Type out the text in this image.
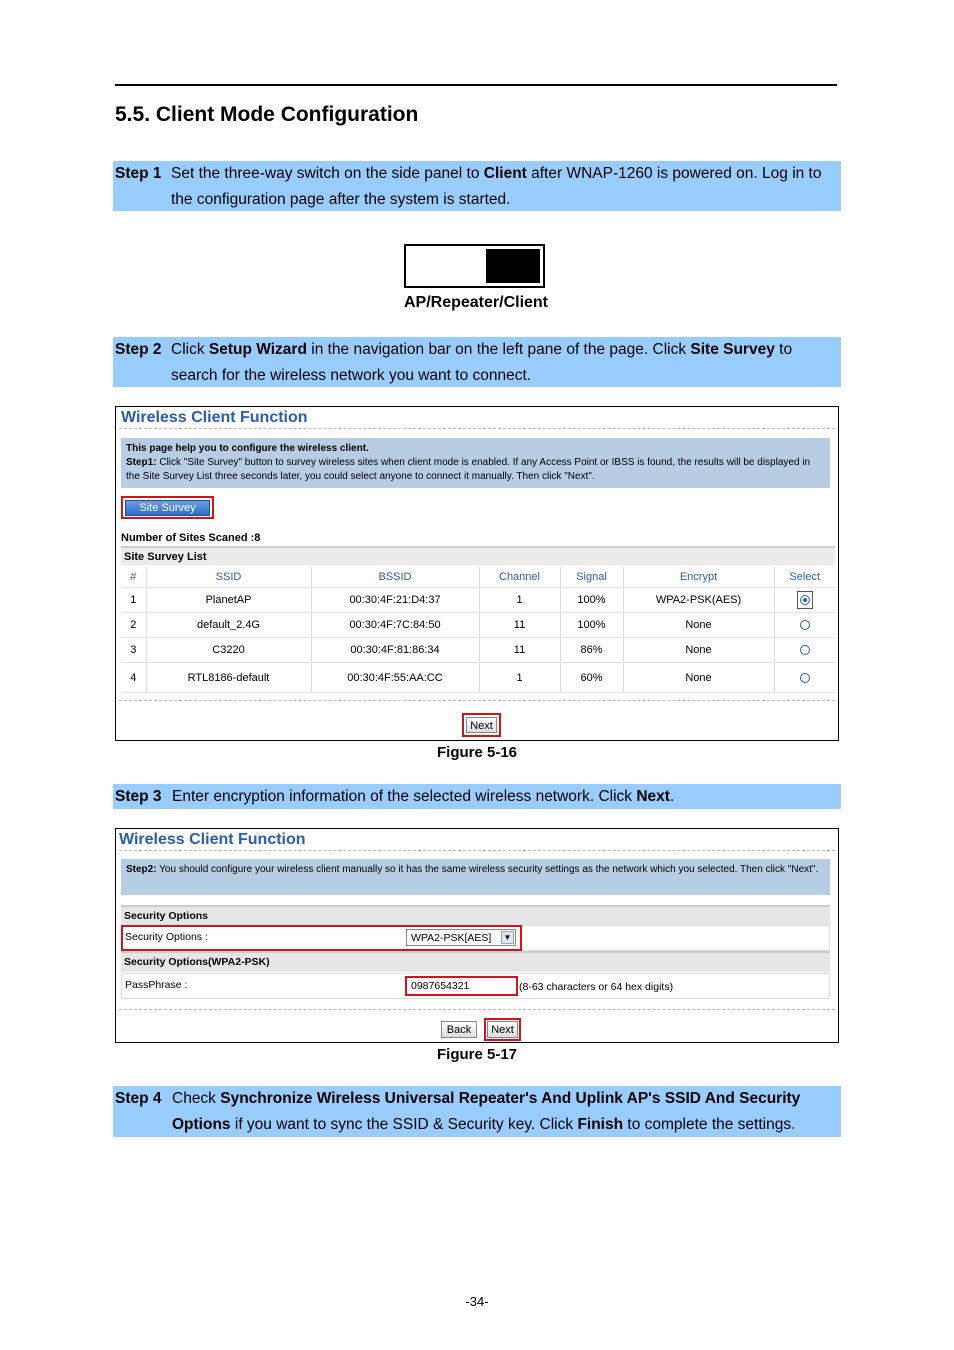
5.5. Client Mode Configuration
Step 1 Set the three-way switch on the side panel to Client after WNAP-1260 is powered on. Log in to the configuration page after the system is started.
AP/Repeater/Client
Step 2 Click Setup Wizard in the navigation bar on the left pane of the page. Click Site Survey to search for the wireless network you want to connect.
Wireless Client Function
This page help you to configure the wireless client.
Step1: Click "Site Survey" button to survey wireless sites when client mode is enabled. If any Access Point or IBSS is found, the results will be displayed in the Site Survey List three seconds later, you could select anyone to connect it manually. Then click "Next".
Site Survey
Number of Sites Scaned :8
Site Survey List
#	SSID	BSSID	Channel	Signal	Encrypt	Select
1	PlanetAP	00:30:4F:21:D4:37	1	100%	WPA2-PSK(AES)	
2	default_2.4G	00:30:4F:7C:84:50	11	100%	None	
3	C3220	00:30:4F:81:86:34	11	86%	None	
4	RTL8186-default	00:30:4F:55:AA:CC	1	60%	None	
Next
Figure 5-16
Step 3 Enter encryption information of the selected wireless network. Click Next.
Wireless Client Function
Step2: You should configure your wireless client manually so it has the same wireless security settings as the network which you selected. Then click "Next".
Security Options
Security Options :	WPA2-PSK[AES]	▼
Security Options(WPA2-PSK)
PassPhrase :	0987654321	(8-63 characters or 64 hex digits)
Back	Next
Figure 5-17
Step 4 Check Synchronize Wireless Universal Repeater's And Uplink AP's SSID And Security Options if you want to sync the SSID & Security key. Click Finish to complete the settings.
-34-
